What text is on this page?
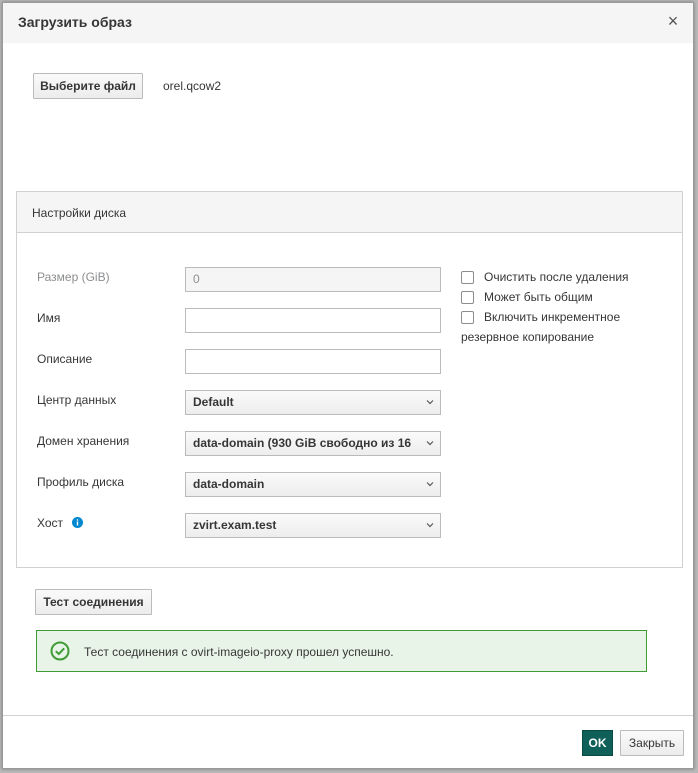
Загрузить образ	×
Выберите файл	orel.qcow2
Настройки диска
Размер (GiB)	0
Имя
Описание
Центр данных	Default
Домен хранения	data-domain (930 GiB свободно из 16
Профиль диска	data-domain
Хост	zvirt.exam.test
Очистить после удаления
Может быть общим
Включить инкрементное
резервное копирование
Тест соединения
Тест соединения с ovirt-imageio-proxy прошел успешно.
OK	Закрыть
